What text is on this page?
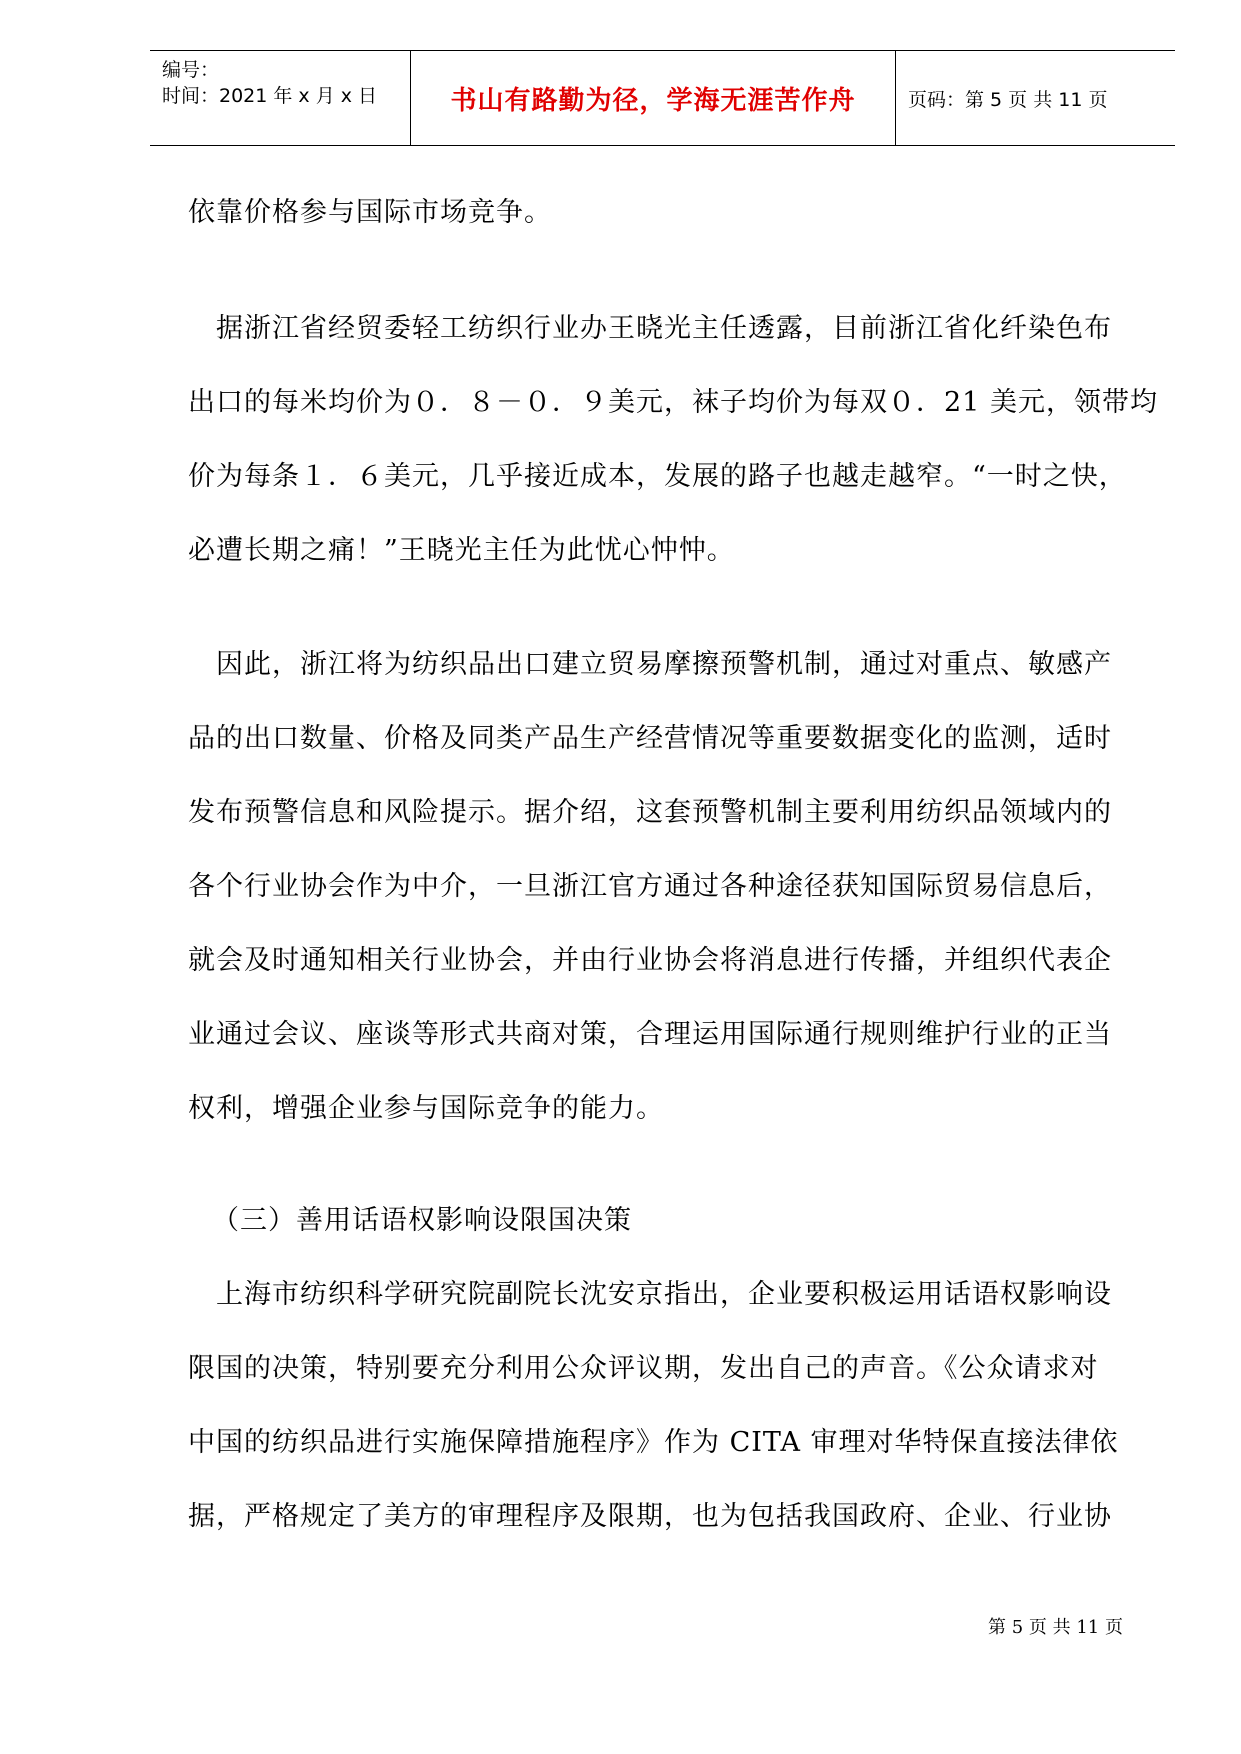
编号：
时间：2021 年 x 月 x 日	书山有路勤为径，学海无涯苦作舟	页码：第 5 页 共 11 页
依靠价格参与国际市场竞争。
据浙江省经贸委轻工纺织行业办王晓光主任透露，目前浙江省化纤染色布
出口的每米均价为０．８－０．９美元，袜子均价为每双０．21 美元，领带均
价为每条１．６美元，几乎接近成本，发展的路子也越走越窄。“一时之快，
必遭长期之痛！”王晓光主任为此忧心忡忡。
因此，浙江将为纺织品出口建立贸易摩擦预警机制，通过对重点、敏感产
品的出口数量、价格及同类产品生产经营情况等重要数据变化的监测，适时
发布预警信息和风险提示。据介绍，这套预警机制主要利用纺织品领域内的
各个行业协会作为中介，一旦浙江官方通过各种途径获知国际贸易信息后，
就会及时通知相关行业协会，并由行业协会将消息进行传播，并组织代表企
业通过会议、座谈等形式共商对策，合理运用国际通行规则维护行业的正当
权利，增强企业参与国际竞争的能力。
（三）善用话语权影响设限国决策
上海市纺织科学研究院副院长沈安京指出，企业要积极运用话语权影响设
限国的决策，特别要充分利用公众评议期，发出自己的声音。《公众请求对
中国的纺织品进行实施保障措施程序》作为 CITA 审理对华特保直接法律依
据，严格规定了美方的审理程序及限期，也为包括我国政府、企业、行业协
第 5 页 共 11 页
